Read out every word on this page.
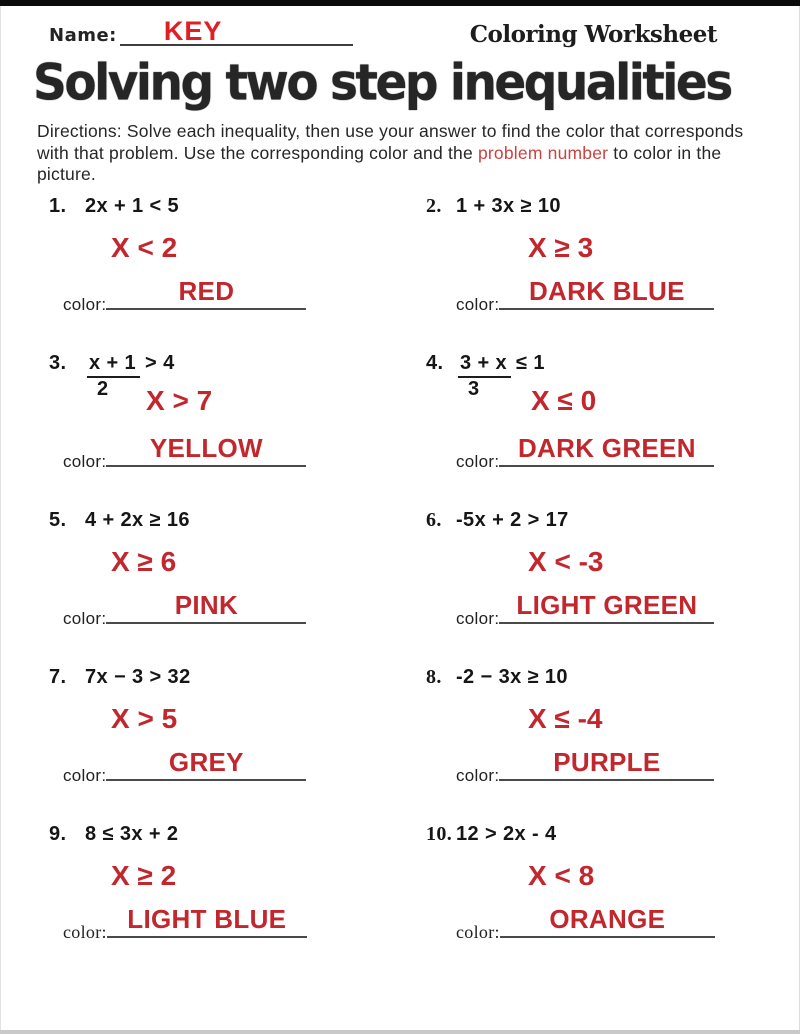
Name: KEY	Coloring Worksheet
Solving two step inequalities
Directions: Solve each inequality, then use your answer to find the color that corresponds with that problem. Use the corresponding color and the problem number to color in the picture.
1. 2x + 1 < 5
X < 2
color:	RED
2. 1 + 3x ≥ 10
X ≥ 3
color: DARK BLUE
3. $\frac{x + 1}{2} > 4$
X > 7
color: YELLOW
4. $\frac{3 + x}{3} \le 1$
X ≤ 0
color: DARK GREEN
5. 4 + 2x ≥ 16
X ≥ 6
color:	PINK
6. -5x + 2 > 17
X < -3
color: LIGHT GREEN
7. 7x − 3 > 32
X > 5
color: GREY
8. -2 − 3x ≥ 10
X ≤ -4
color: PURPLE
9. 8 ≤ 3x + 2
X ≥ 2
color: LIGHT BLUE
10. 12 > 2x - 4
X < 8
color: ORANGE
